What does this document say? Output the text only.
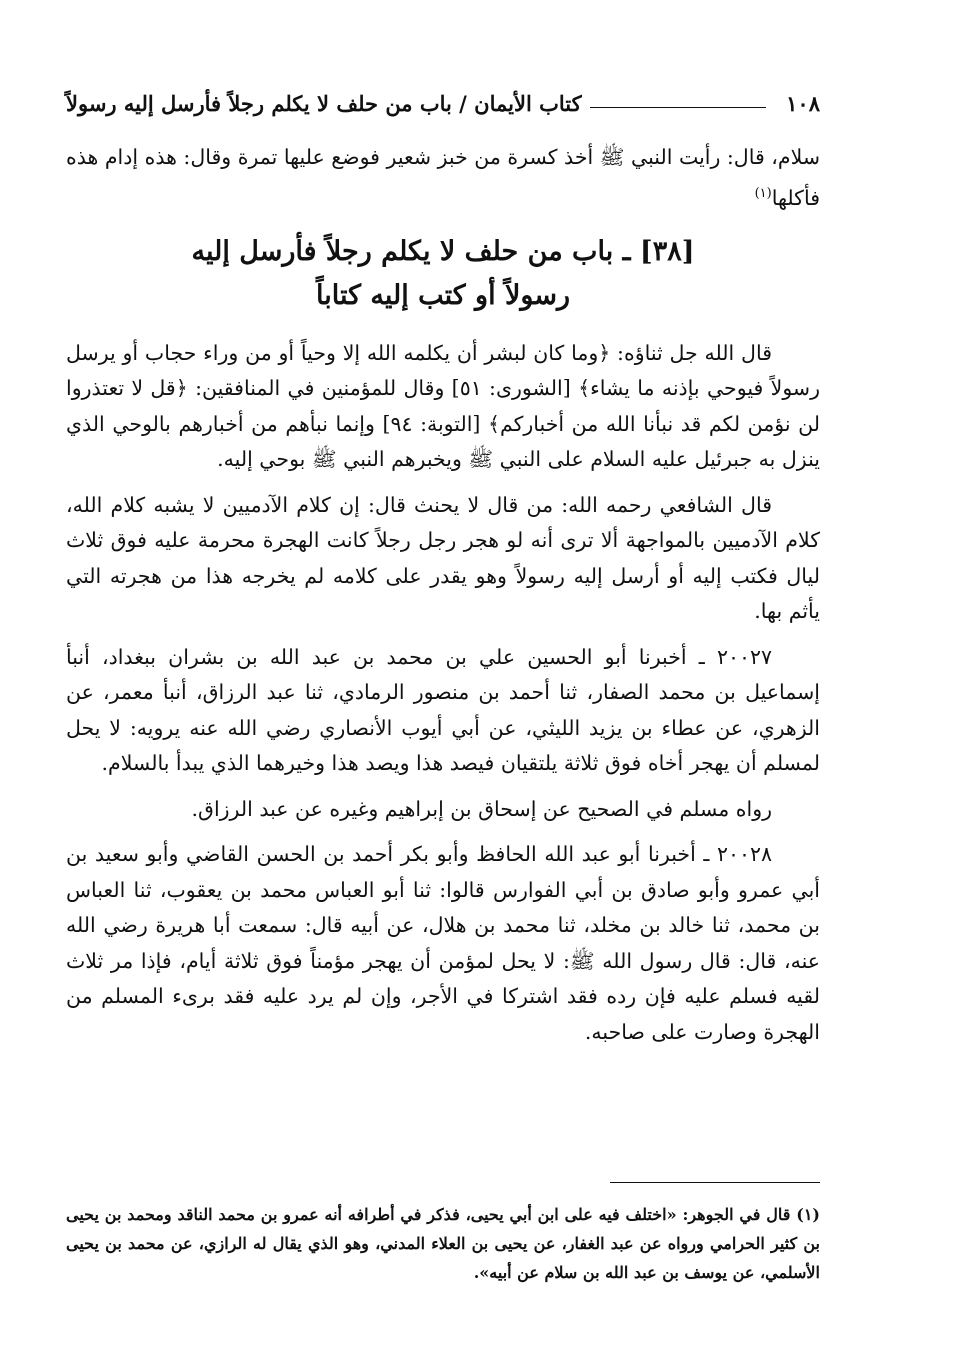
١٠٨
كتاب الأيمان / باب من حلف لا يكلم رجلاً فأرسل إليه رسولاً

سلام، قال: رأيت النبي ﷺ أخذ كسرة من خبز شعير فوضع عليها تمرة وقال: هذه إدام هذه فأكلها$^{(١)}$

[٣٨] ـ باب من حلف لا يكلم رجلاً فأرسل إليه
رسولاً أو كتب إليه كتاباً

قال الله جل ثناؤه: ﴿وما كان لبشر أن يكلمه الله إلا وحياً أو من وراء حجاب أو يرسل رسولاً فيوحي بإذنه ما يشاء﴾ [الشورى: ٥١] وقال للمؤمنين في المنافقين: ﴿قل لا تعتذروا لن نؤمن لكم قد نبأنا الله من أخباركم﴾ [التوبة: ٩٤] وإنما نبأهم من أخبارهم بالوحي الذي ينزل به جبرئيل عليه السلام على النبي ﷺ ويخبرهم النبي ﷺ بوحي إليه.

قال الشافعي رحمه الله: من قال لا يحنث قال: إن كلام الآدميين لا يشبه كلام الله، كلام الآدميين بالمواجهة ألا ترى أنه لو هجر رجل رجلاً كانت الهجرة محرمة عليه فوق ثلاث ليال فكتب إليه أو أرسل إليه رسولاً وهو يقدر على كلامه لم يخرجه هذا من هجرته التي يأثم بها.

٢٠٠٢٧ ـ أخبرنا أبو الحسين علي بن محمد بن عبد الله بن بشران ببغداد، أنبأ إسماعيل بن محمد الصفار، ثنا أحمد بن منصور الرمادي، ثنا عبد الرزاق، أنبأ معمر، عن الزهري، عن عطاء بن يزيد الليثي، عن أبي أيوب الأنصاري رضي الله عنه يرويه: لا يحل لمسلم أن يهجر أخاه فوق ثلاثة يلتقيان فيصد هذا ويصد هذا وخيرهما الذي يبدأ بالسلام.

رواه مسلم في الصحيح عن إسحاق بن إبراهيم وغيره عن عبد الرزاق.

٢٠٠٢٨ ـ أخبرنا أبو عبد الله الحافظ وأبو بكر أحمد بن الحسن القاضي وأبو سعيد بن أبي عمرو وأبو صادق بن أبي الفوارس قالوا: ثنا أبو العباس محمد بن يعقوب، ثنا العباس بن محمد، ثنا خالد بن مخلد، ثنا محمد بن هلال، عن أبيه قال: سمعت أبا هريرة رضي الله عنه، قال: قال رسول الله ﷺ: لا يحل لمؤمن أن يهجر مؤمناً فوق ثلاثة أيام، فإذا مر ثلاث لقيه فسلم عليه فإن رده فقد اشتركا في الأجر، وإن لم يرد عليه فقد برىء المسلم من الهجرة وصارت على صاحبه.

(١) قال في الجوهر: «اختلف فيه على ابن أبي يحيى، فذكر في أطرافه أنه عمرو بن محمد الناقد ومحمد بن يحيى بن كثير الحرامي ورواه عن عبد الغفار، عن يحيى بن العلاء المدني، وهو الذي يقال له الرازي، عن محمد بن يحيى الأسلمي، عن يوسف بن عبد الله بن سلام عن أبيه».
